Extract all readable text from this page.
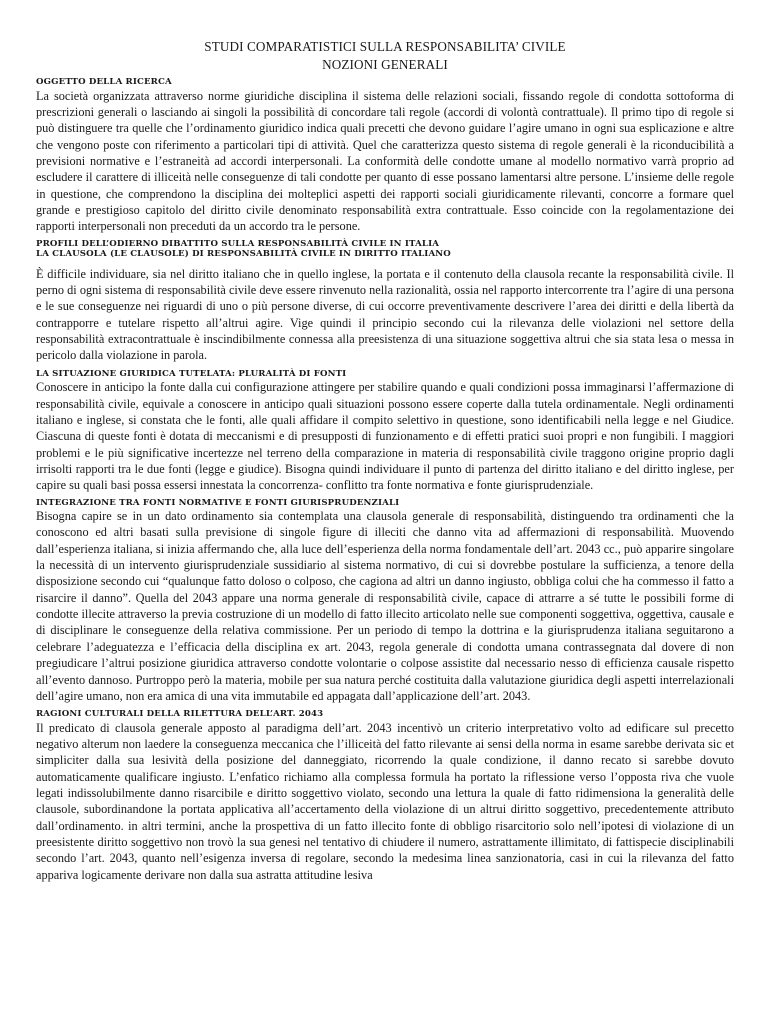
STUDI COMPARATISTICI SULLA RESPONSABILITA’ CIVILE
NOZIONI GENERALI
OGGETTO DELLA RICERCA

La società organizzata attraverso norme giuridiche disciplina il sistema delle relazioni sociali, fissando regole di condotta sottoforma di prescrizioni generali o lasciando ai singoli la possibilità di concordare tali regole (accordi di volontà contrattuale). Il primo tipo di regole si può distinguere tra quelle che l’ordinamento giuridico indica quali precetti che devono guidare l’agire umano in ogni sua esplicazione e altre che vengono poste con riferimento a particolari tipi di attività. Quel che caratterizza questo sistema di regole generali è la riconducibilità a previsioni normative e l’estraneità ad accordi interpersonali. La conformità delle condotte umane al modello normativo varrà proprio ad escludere il carattere di illiceità nelle conseguenze di tali condotte per quanto di esse possano lamentarsi altre persone. L’insieme delle regole in questione, che comprendono la disciplina dei molteplici aspetti dei rapporti sociali giuridicamente rilevanti, concorre a formare quel grande e prestigioso capitolo del diritto civile denominato responsabilità extra contrattuale. Esso coincide con la regolamentazione dei rapporti interpersonali non preceduti da un accordo tra le persone.

PROFILI DELL’ODIERNO DIBATTITO SULLA RESPONSABILITÀ CIVILE IN ITALIA
LA CLAUSOLA (LE CLAUSOLE) DI RESPONSABILITÀ CIVILE IN DIRITTO ITALIANO

È difficile individuare, sia nel diritto italiano che in quello inglese, la portata e il contenuto della clausola recante la responsabilità civile. Il perno di ogni sistema di responsabilità civile deve essere rinvenuto nella razionalità, ossia nel rapporto intercorrente tra l’agire di una persona e le sue conseguenze nei riguardi di uno o più persone diverse, di cui occorre preventivamente descrivere l’area dei diritti e della libertà da contrapporre e tutelare rispetto all’altrui agire. Vige quindi il principio secondo cui la rilevanza delle violazioni nel settore della responsabilità extracontrattuale è inscindibilmente connessa alla preesistenza di una situazione soggettiva altrui che sia stata lesa o messa in pericolo dalla violazione in parola.

LA SITUAZIONE GIURIDICA TUTELATA: PLURALITÀ DI FONTI

Conoscere in anticipo la fonte dalla cui configurazione attingere per stabilire quando e quali condizioni possa immaginarsi l’affermazione di responsabilità civile, equivale a conoscere in anticipo quali situazioni possono essere coperte dalla tutela ordinamentale. Negli ordinamenti italiano e inglese, si constata che le fonti, alle quali affidare il compito selettivo in questione, sono identificabili nella legge e nel Giudice. Ciascuna di queste fonti è dotata di meccanismi e di presupposti di funzionamento e di effetti pratici suoi propri e non fungibili. I maggiori problemi e le più significative incertezze nel terreno della comparazione in materia di responsabilità civile traggono origine proprio dagli irrisolti rapporti tra le due fonti (legge e giudice). Bisogna quindi individuare il punto di partenza del diritto italiano e del diritto inglese, per capire su quali basi possa essersi innestata la concorrenza- conflitto tra fonte normativa e fonte giurisprudenziale.

INTEGRAZIONE TRA FONTI NORMATIVE E FONTI GIURISPRUDENZIALI

Bisogna capire se in un dato ordinamento sia contemplata una clausola generale di responsabilità, distinguendo tra ordinamenti che la conoscono ed altri basati sulla previsione di singole figure di illeciti che danno vita ad affermazioni di responsabilità. Muovendo dall’esperienza italiana, si inizia affermando che, alla luce dell’esperienza della norma fondamentale dell’art. 2043 cc., può apparire singolare la necessità di un intervento giurisprudenziale sussidiario al sistema normativo, di cui si dovrebbe postulare la sufficienza, a tenore della disposizione secondo cui “qualunque fatto doloso o colposo, che cagiona ad altri un danno ingiusto, obbliga colui che ha commesso il fatto a risarcire il danno”. Quella del 2043 appare una norma generale di responsabilità civile, capace di attrarre a sé tutte le possibili forme di condotte illecite attraverso la previa costruzione di un modello di fatto illecito articolato nelle sue componenti soggettiva, oggettiva, causale e di disciplinare le conseguenze della relativa commissione. Per un periodo di tempo la dottrina e la giurisprudenza italiana seguitarono a celebrare l’adeguatezza e l’efficacia della disciplina ex art. 2043, regola generale di condotta umana contrassegnata dal dovere di non pregiudicare l’altrui posizione giuridica attraverso condotte volontarie o colpose assistite dal necessario nesso di efficienza causale rispetto all’evento dannoso. Purtroppo però la materia, mobile per sua natura perché costituita dalla valutazione giuridica degli aspetti interrelazionali dell’agire umano, non era amica di una vita immutabile ed appagata dall’applicazione dell’art. 2043.

RAGIONI CULTURALI DELLA RILETTURA DELL’ART. 2043

Il predicato di clausola generale apposto al paradigma dell’art. 2043 incentivò un criterio interpretativo volto ad edificare sul precetto negativo alterum non laedere la conseguenza meccanica che l’illiceità del fatto rilevante ai sensi della norma in esame sarebbe derivata sic et simpliciter dalla sua lesività della posizione del danneggiato, ricorrendo la quale condizione, il danno recato si sarebbe dovuto automaticamente qualificare ingiusto. L’enfatico richiamo alla complessa formula ha portato la riflessione verso l’opposta riva che vuole legati indissolubilmente danno risarcibile e diritto soggettivo violato, secondo una lettura la quale di fatto ridimensiona la generalità delle clausole, subordinandone la portata applicativa all’accertamento della violazione di un altrui diritto soggettivo, precedentemente attributo dall’ordinamento. in altri termini, anche la prospettiva di un fatto illecito fonte di obbligo risarcitorio solo nell’ipotesi di violazione di un preesistente diritto soggettivo non trovò la sua genesi nel tentativo di chiudere il numero, astrattamente illimitato, di fattispecie disciplinabili secondo l’art. 2043, quanto nell’esigenza inversa di regolare, secondo la medesima linea sanzionatoria, casi in cui la rilevanza del fatto appariva logicamente derivare non dalla sua astratta attitudine lesiva
